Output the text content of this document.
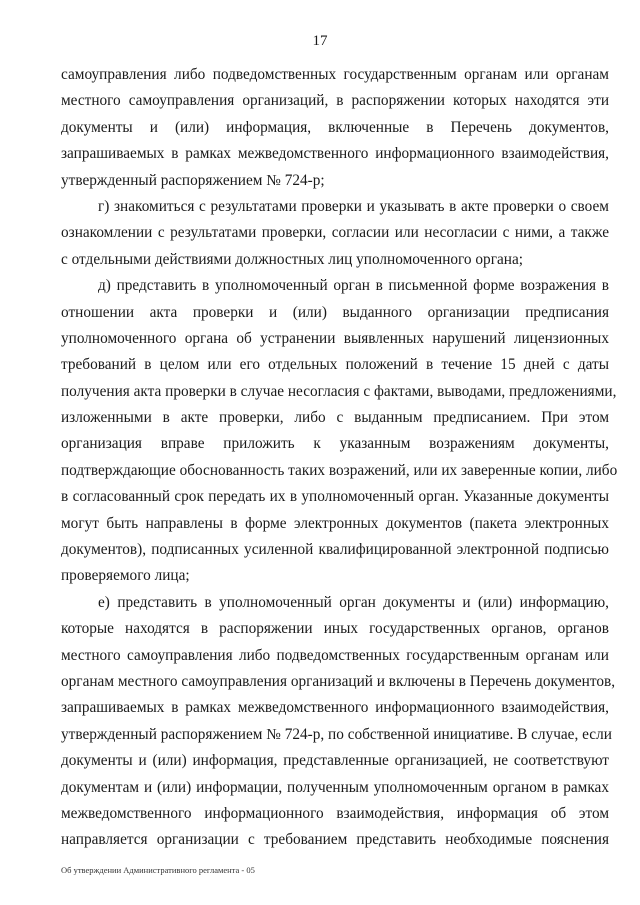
17
самоуправления либо подведомственных государственным органам или органам
местного самоуправления организаций, в распоряжении которых находятся эти
документы и (или) информация, включенные в Перечень документов,
запрашиваемых в рамках межведомственного информационного взаимодействия,
утвержденный распоряжением № 724-р;
г) знакомиться с результатами проверки и указывать в акте проверки о своем
ознакомлении с результатами проверки, согласии или несогласии с ними, а также
с отдельными действиями должностных лиц уполномоченного органа;
д) представить в уполномоченный орган в письменной форме возражения в
отношении акта проверки и (или) выданного организации предписания
уполномоченного органа об устранении выявленных нарушений лицензионных
требований в целом или его отдельных положений в течение 15 дней с даты
получения акта проверки в случае несогласия с фактами, выводами, предложениями,
изложенными в акте проверки, либо с выданным предписанием. При этом
организация вправе приложить к указанным возражениям документы,
подтверждающие обоснованность таких возражений, или их заверенные копии, либо
в согласованный срок передать их в уполномоченный орган. Указанные документы
могут быть направлены в форме электронных документов (пакета электронных
документов), подписанных усиленной квалифицированной электронной подписью
проверяемого лица;
е) представить в уполномоченный орган документы и (или) информацию,
которые находятся в распоряжении иных государственных органов, органов
местного самоуправления либо подведомственных государственным органам или
органам местного самоуправления организаций и включены в Перечень документов,
запрашиваемых в рамках межведомственного информационного взаимодействия,
утвержденный распоряжением № 724-р, по собственной инициативе. В случае, если
документы и (или) информация, представленные организацией, не соответствуют
документам и (или) информации, полученным уполномоченным органом в рамках
межведомственного информационного взаимодействия, информация об этом
направляется организации с требованием представить необходимые пояснения
Об утверждении Административного регламента - 05
